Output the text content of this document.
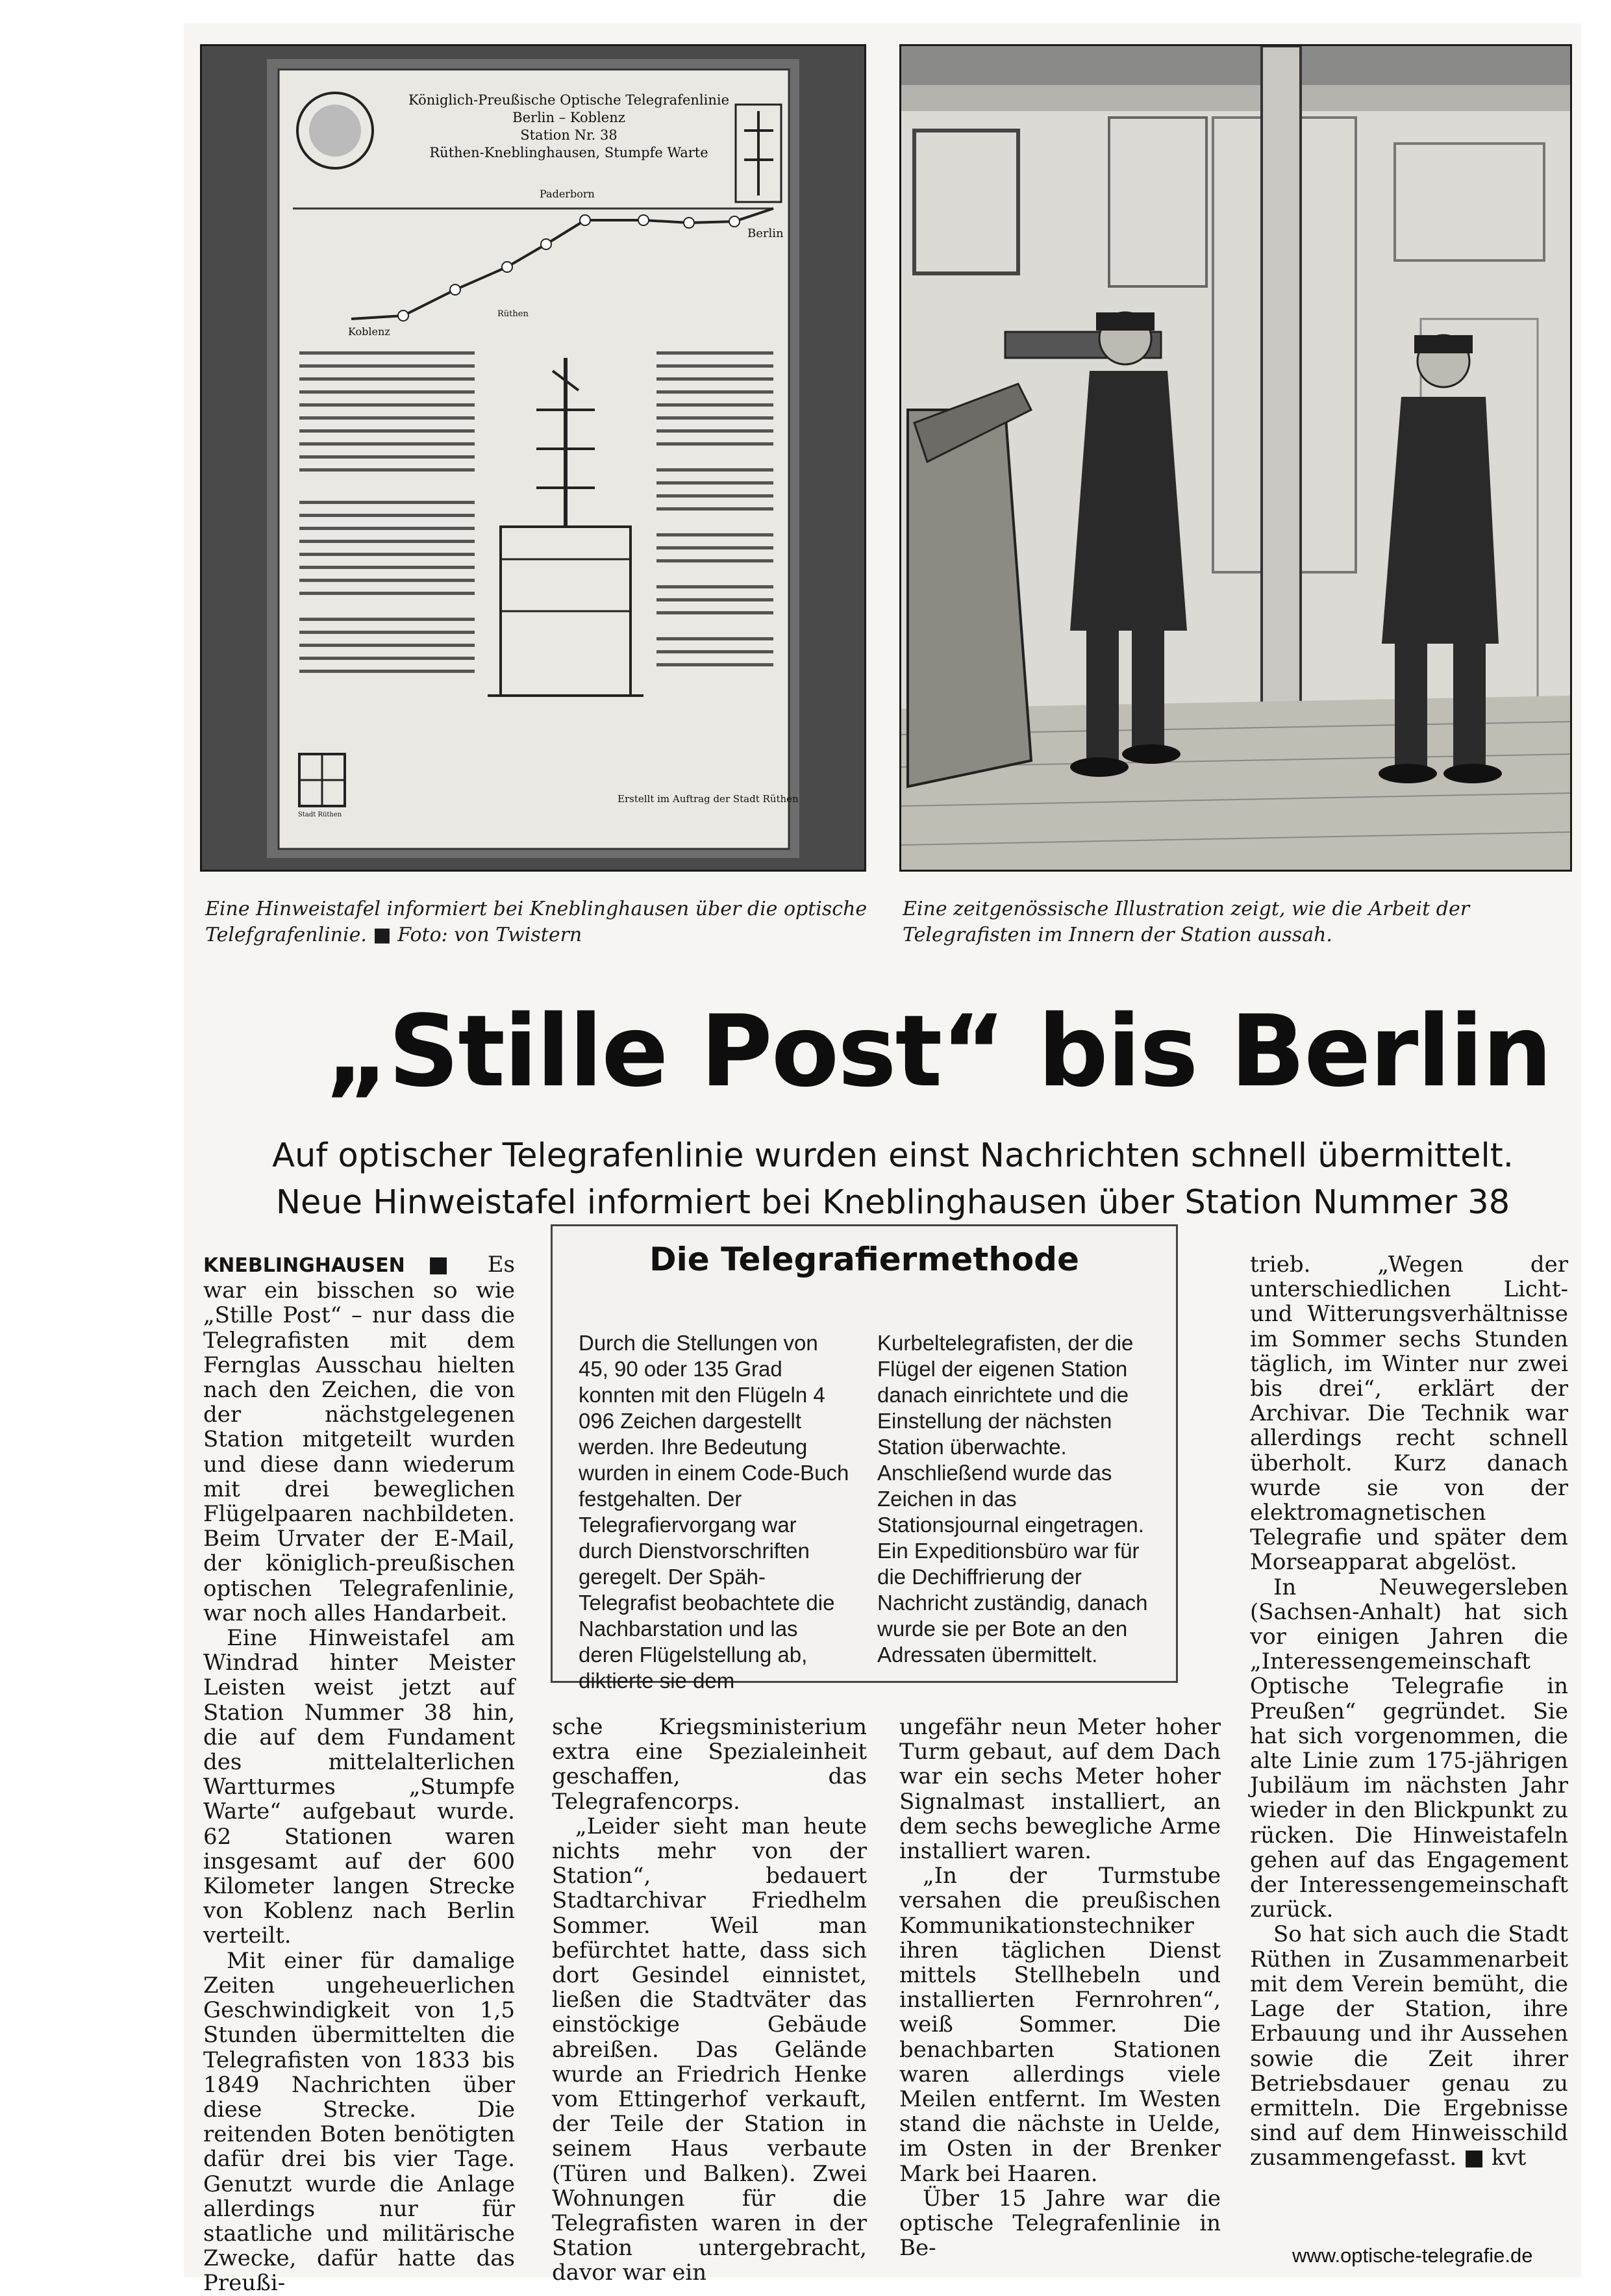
Königlich-Preußische Optische Telegrafenlinie
Berlin – Koblenz
Station Nr. 38
Rüthen-Kneblinghausen, Stumpfe Warte
Paderborn
Berlin
Koblenz
Rüthen
Stadt Rüthen
Erstellt im Auftrag der Stadt Rüthen
Eine Hinweistafel informiert bei Kneblinghausen über die optische Telefgrafenlinie. ■ Foto: von Twistern
Eine zeitgenössische Illustration zeigt, wie die Arbeit der Telegrafisten im Innern der Station aussah.
„Stille Post“ bis Berlin
Auf optischer Telegrafenlinie wurden einst Nachrichten schnell übermittelt.
Neue Hinweistafel informiert bei Kneblinghausen über Station Nummer 38

KNEBLINGHAUSEN ■ Es war ein bisschen so wie „Stille Post“ – nur dass die Telegrafisten mit dem Fernglas Ausschau hielten nach den Zeichen, die von der nächstgelegenen Station mitgeteilt wurden und diese dann wiederum mit drei beweglichen Flügelpaaren nachbildeten. Beim Urvater der E-Mail, der königlich-preußischen optischen Telegrafenlinie, war noch alles Handarbeit.

Eine Hinweistafel am Windrad hinter Meister Leisten weist jetzt auf Station Nummer 38 hin, die auf dem Fundament des mittelalterlichen Wartturmes „Stumpfe Warte“ aufgebaut wurde. 62 Stationen waren insgesamt auf der 600 Kilometer langen Strecke von Koblenz nach Berlin verteilt.

Mit einer für damalige Zeiten ungeheuerlichen Geschwindigkeit von 1,5 Stunden übermittelten die Telegrafisten von 1833 bis 1849 Nachrichten über diese Strecke. Die reitenden Boten benötigten dafür drei bis vier Tage. Genutzt wurde die Anlage allerdings nur für staatliche und militärische Zwecke, dafür hatte das Preußi-

Die Telegrafiermethode
Durch die Stellungen von 45, 90 oder 135 Grad konnten mit den Flügeln 4 096 Zeichen dargestellt werden. Ihre Bedeutung wurden in einem Code-Buch festgehalten. Der Telegrafiervorgang war durch Dienstvorschriften geregelt. Der Späh-Telegrafist beobachtete die Nachbarstation und las deren Flügelstellung ab, diktierte sie dem
Kurbeltelegrafisten, der die Flügel der eigenen Station danach einrichtete und die Einstellung der nächsten Station überwachte. Anschließend wurde das Zeichen in das Stationsjournal eingetragen. Ein Expeditionsbüro war für die Dechiffrierung der Nachricht zuständig, danach wurde sie per Bote an den Adressaten übermittelt.

sche Kriegsministerium extra eine Spezialeinheit geschaffen, das Telegrafencorps.

„Leider sieht man heute nichts mehr von der Station“, bedauert Stadtarchivar Friedhelm Sommer. Weil man befürchtet hatte, dass sich dort Gesindel einnistet, ließen die Stadtväter das einstöckige Gebäude abreißen. Das Gelände wurde an Friedrich Henke vom Ettingerhof verkauft, der Teile der Station in seinem Haus verbaute (Türen und Balken). Zwei Wohnungen für die Telegrafisten waren in der Station untergebracht, davor war ein

ungefähr neun Meter hoher Turm gebaut, auf dem Dach war ein sechs Meter hoher Signalmast installiert, an dem sechs bewegliche Arme installiert waren.

„In der Turmstube versahen die preußischen Kommunikationstechniker ihren täglichen Dienst mittels Stellhebeln und installierten Fernrohren“, weiß Sommer. Die benachbarten Stationen waren allerdings viele Meilen entfernt. Im Westen stand die nächste in Uelde, im Osten in der Brenker Mark bei Haaren.

Über 15 Jahre war die optische Telegrafenlinie in Be-

trieb. „Wegen der unterschiedlichen Licht- und Witterungsverhältnisse im Sommer sechs Stunden täglich, im Winter nur zwei bis drei“, erklärt der Archivar. Die Technik war allerdings recht schnell überholt. Kurz danach wurde sie von der elektromagnetischen Telegrafie und später dem Morseapparat abgelöst.

In Neuwegersleben (Sachsen-Anhalt) hat sich vor einigen Jahren die „Interessengemeinschaft Optische Telegrafie in Preußen“ gegründet. Sie hat sich vorgenommen, die alte Linie zum 175-jährigen Jubiläum im nächsten Jahr wieder in den Blickpunkt zu rücken. Die Hinweistafeln gehen auf das Engagement der Interessengemeinschaft zurück.

So hat sich auch die Stadt Rüthen in Zusammenarbeit mit dem Verein bemüht, die Lage der Station, ihre Erbauung und ihr Aussehen sowie die Zeit ihrer Betriebsdauer genau zu ermitteln. Die Ergebnisse sind auf dem Hinweisschild zusammengefasst. ■ kvt

www.optische-telegrafie.de
